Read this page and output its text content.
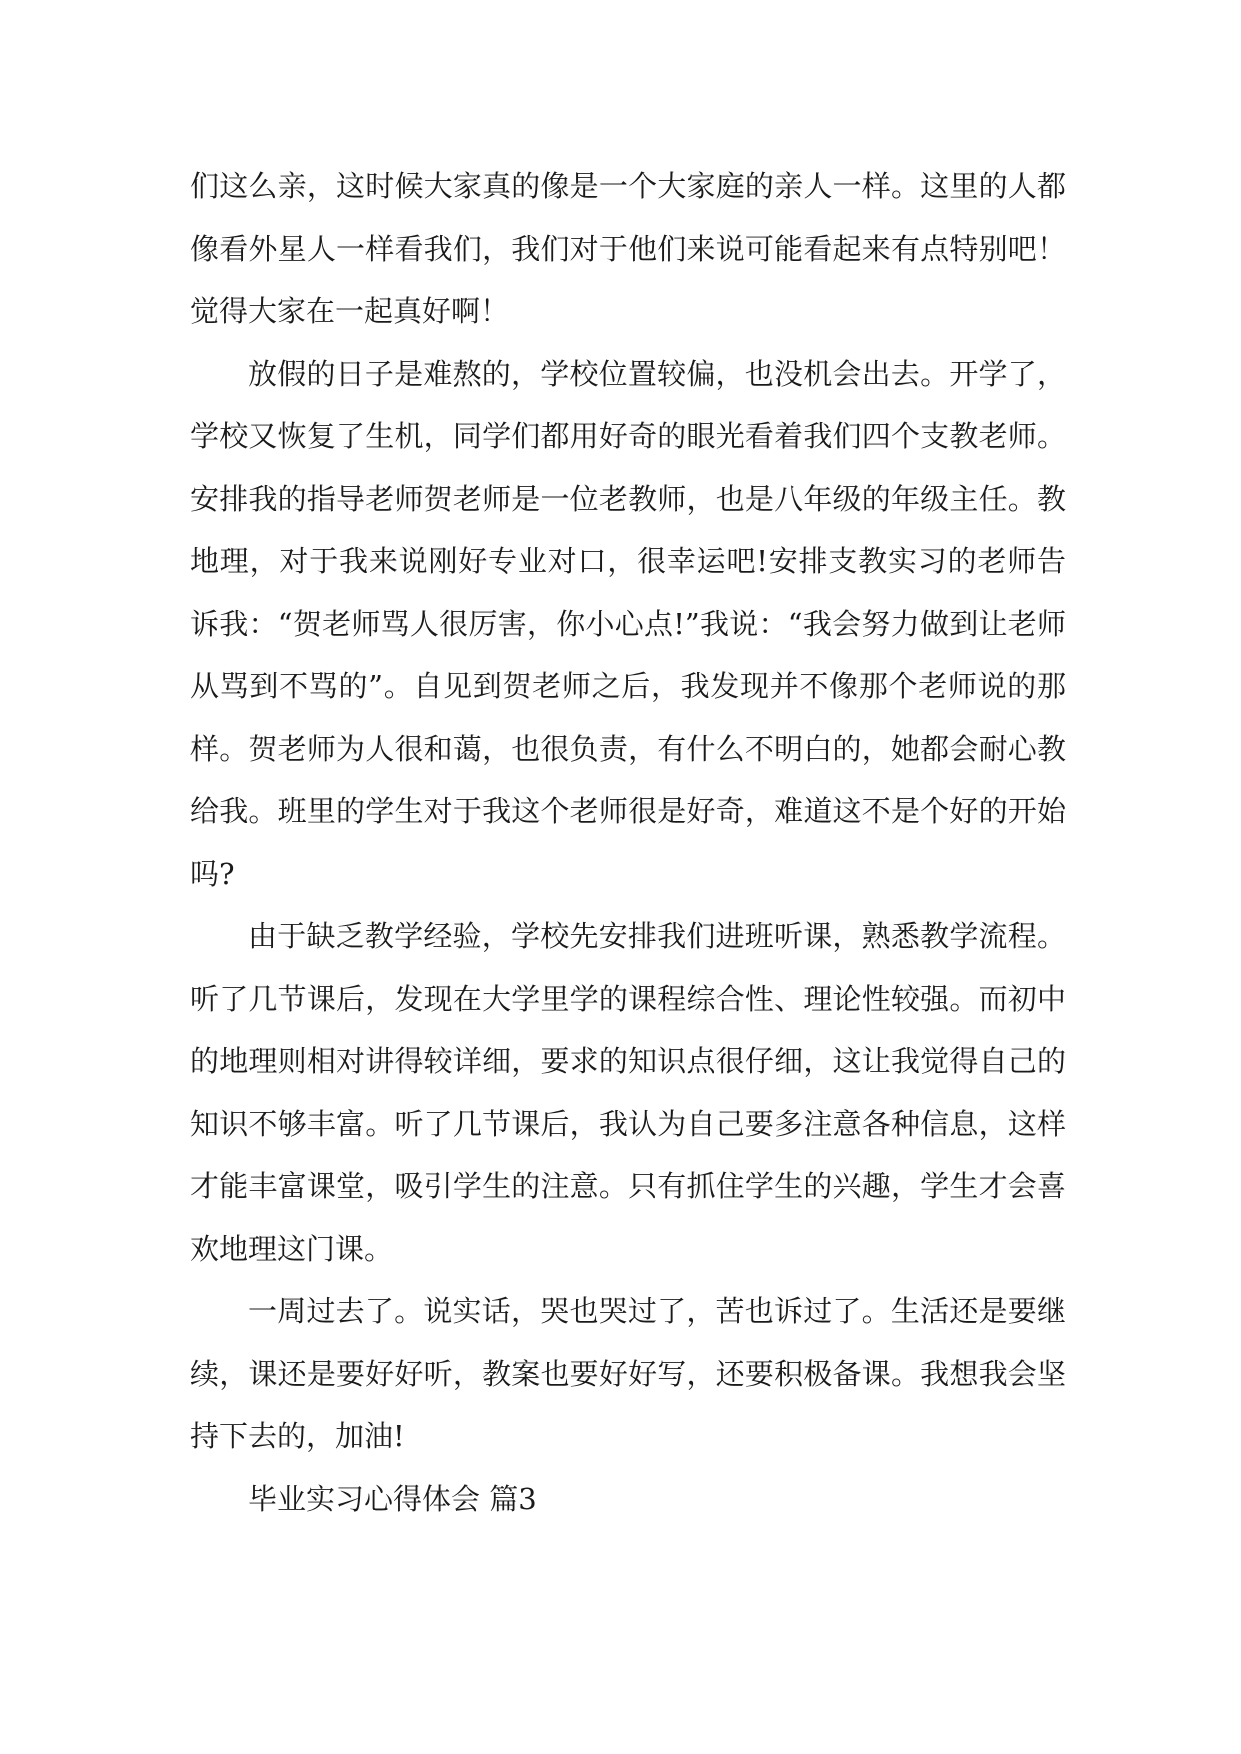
们这么亲，这时候大家真的像是一个大家庭的亲人一样。这里的人都像看外星人一样看我们，我们对于他们来说可能看起来有点特别吧！觉得大家在一起真好啊！

放假的日子是难熬的，学校位置较偏，也没机会出去。开学了，学校又恢复了生机，同学们都用好奇的眼光看着我们四个支教老师。安排我的指导老师贺老师是一位老教师，也是八年级的年级主任。教地理，对于我来说刚好专业对口，很幸运吧!安排支教实习的老师告诉我：“贺老师骂人很厉害，你小心点!”我说：“我会努力做到让老师从骂到不骂的”。自见到贺老师之后，我发现并不像那个老师说的那样。贺老师为人很和蔼，也很负责，有什么不明白的，她都会耐心教给我。班里的学生对于我这个老师很是好奇，难道这不是个好的开始吗?

由于缺乏教学经验，学校先安排我们进班听课，熟悉教学流程。听了几节课后，发现在大学里学的课程综合性、理论性较强。而初中的地理则相对讲得较详细，要求的知识点很仔细，这让我觉得自己的知识不够丰富。听了几节课后，我认为自己要多注意各种信息，这样才能丰富课堂，吸引学生的注意。只有抓住学生的兴趣，学生才会喜欢地理这门课。

一周过去了。说实话，哭也哭过了，苦也诉过了。生活还是要继续，课还是要好好听，教案也要好好写，还要积极备课。我想我会坚持下去的，加油!

毕业实习心得体会 篇3
